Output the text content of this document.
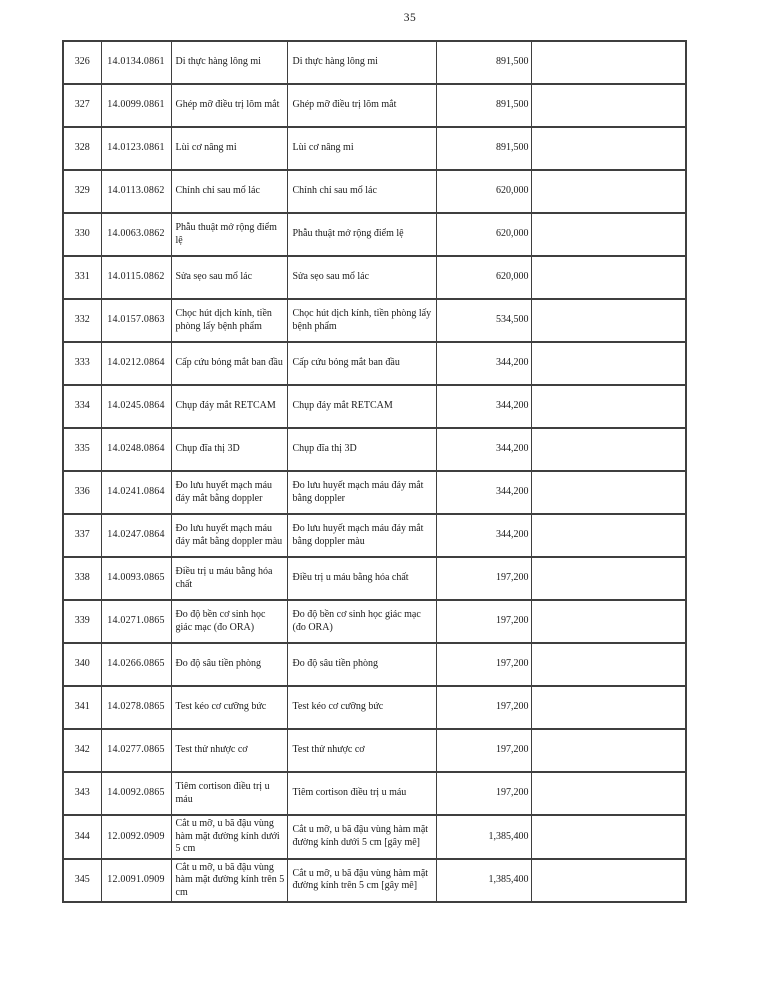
35
326	14.0134.0861	Di thực hàng lông mi	Di thực hàng lông mi	891,500	
327	14.0099.0861	Ghép mỡ điều trị lõm mắt	Ghép mỡ điều trị lõm mắt	891,500	
328	14.0123.0861	Lùi cơ nâng mi	Lùi cơ nâng mi	891,500	
329	14.0113.0862	Chỉnh chỉ sau mổ lác	Chỉnh chỉ sau mổ lác	620,000	
330	14.0063.0862	Phẫu thuật mở rộng điểm lệ	Phẫu thuật mở rộng điểm lệ	620,000	
331	14.0115.0862	Sửa sẹo sau mổ lác	Sửa sẹo sau mổ lác	620,000	
332	14.0157.0863	Chọc hút dịch kính, tiền phòng lấy bệnh phẩm	Chọc hút dịch kính, tiền phòng lấy bệnh phẩm	534,500	
333	14.0212.0864	Cấp cứu bỏng mắt ban đầu	Cấp cứu bỏng mắt ban đầu	344,200	
334	14.0245.0864	Chụp đáy mắt RETCAM	Chụp đáy mắt RETCAM	344,200	
335	14.0248.0864	Chụp đĩa thị 3D	Chụp đĩa thị 3D	344,200	
336	14.0241.0864	Đo lưu huyết mạch máu đáy mắt bằng doppler	Đo lưu huyết mạch máu đáy mắt bằng doppler	344,200	
337	14.0247.0864	Đo lưu huyết mạch máu đáy mắt bằng doppler màu	Đo lưu huyết mạch máu đáy mắt bằng doppler màu	344,200	
338	14.0093.0865	Điều trị u máu bằng hóa chất	Điều trị u máu bằng hóa chất	197,200	
339	14.0271.0865	Đo độ bền cơ sinh học giác mạc (đo ORA)	Đo độ bền cơ sinh học giác mạc (đo ORA)	197,200	
340	14.0266.0865	Đo độ sâu tiền phòng	Đo độ sâu tiền phòng	197,200	
341	14.0278.0865	Test kéo cơ cưỡng bức	Test kéo cơ cưỡng bức	197,200	
342	14.0277.0865	Test thử nhược cơ	Test thử nhược cơ	197,200	
343	14.0092.0865	Tiêm cortison điều trị u máu	Tiêm cortison điều trị u máu	197,200	
344	12.0092.0909	Cắt u mỡ, u bã đậu vùng hàm mặt đường kính dưới 5 cm	Cắt u mỡ, u bã đậu vùng hàm mặt đường kính dưới 5 cm [gây mê]	1,385,400	
345	12.0091.0909	Cắt u mỡ, u bã đậu vùng hàm mặt đường kính trên 5 cm	Cắt u mỡ, u bã đậu vùng hàm mặt đường kính trên 5 cm [gây mê]	1,385,400	
